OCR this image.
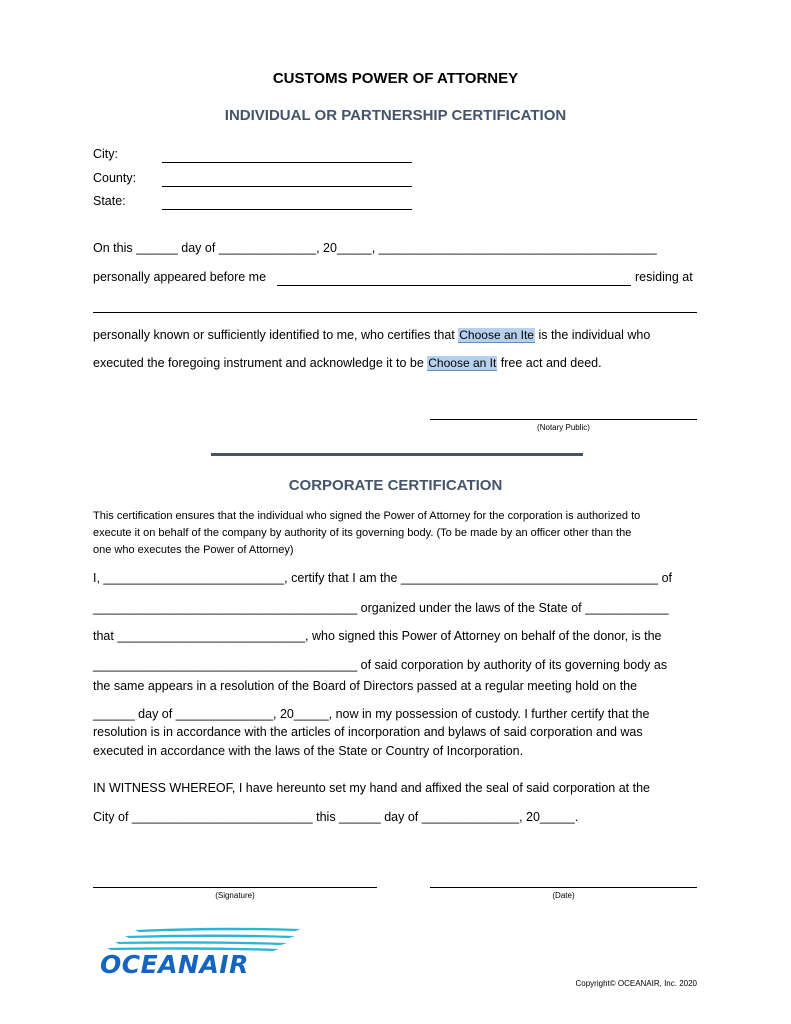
CUSTOMS POWER OF ATTORNEY
INDIVIDUAL OR PARTNERSHIP CERTIFICATION
City:
County:
State:
On this ______ day of ______________, 20_____, ________________________________________
personally appeared before me	residing at
personally known or sufficiently identified to me, who certifies that Choose an Ite is the individual who
executed the foregoing instrument and acknowledge it to be Choose an It free act and deed.
(Notary Public)
CORPORATE CERTIFICATION
This certification ensures that the individual who signed the Power of Attorney for the corporation is authorized to
execute it on behalf of the company by authority of its governing body. (To be made by an officer other than the
one who executes the Power of Attorney)
I, __________________________, certify that I am the _____________________________________ of
______________________________________ organized under the laws of the State of ____________
that ___________________________, who signed this Power of Attorney on behalf of the donor, is the
______________________________________ of said corporation by authority of its governing body as
the same appears in a resolution of the Board of Directors passed at a regular meeting hold on the
______ day of ______________, 20_____, now in my possession of custody. I further certify that the
resolution is in accordance with the articles of incorporation and bylaws of said corporation and was
executed in accordance with the laws of the State or Country of Incorporation.
IN WITNESS WHEREOF, I have hereunto set my hand and affixed the seal of said corporation at the
City of __________________________ this ______ day of ______________, 20_____.
(Signature)	(Date)
OCEANAIR
Copyright© OCEANAIR, Inc. 2020
